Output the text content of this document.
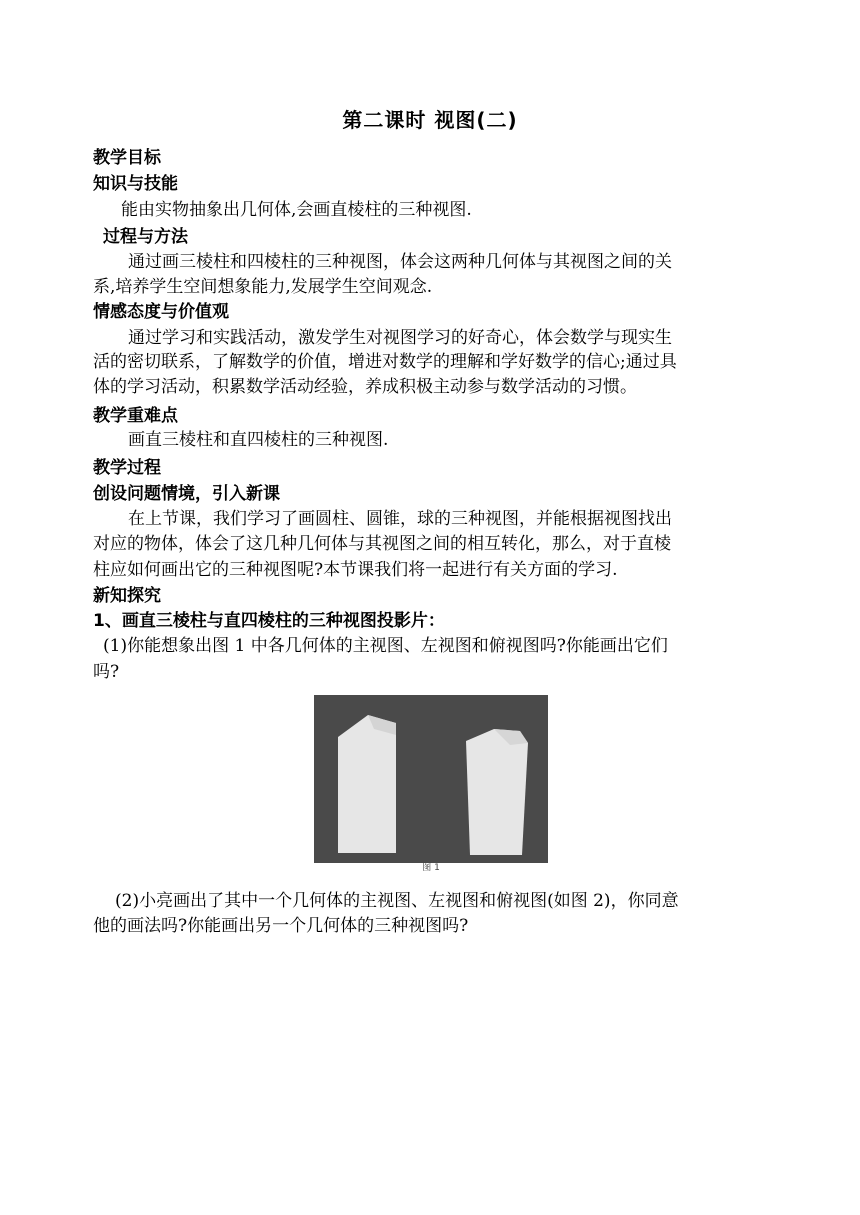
第二课时 视图(二)
教学目标
知识与技能
能由实物抽象出几何体,会画直棱柱的三种视图.
过程与方法
通过画三棱柱和四棱柱的三种视图，体会这两种几何体与其视图之间的关
系,培养学生空间想象能力,发展学生空间观念.
情感态度与价值观
通过学习和实践活动，激发学生对视图学习的好奇心，体会数学与现实生
活的密切联系，了解数学的价值，增进对数学的理解和学好数学的信心;通过具
体的学习活动，积累数学活动经验，养成积极主动参与数学活动的习惯。
教学重难点
画直三棱柱和直四棱柱的三种视图.
教学过程
创设问题情境，引入新课
在上节课，我们学习了画圆柱、圆锥，球的三种视图，并能根据视图找出
对应的物体，体会了这几种几何体与其视图之间的相互转化，那么，对于直棱
柱应如何画出它的三种视图呢?本节课我们将一起进行有关方面的学习.
新知探究
1、画直三棱柱与直四棱柱的三种视图投影片：
(1)你能想象出图 1 中各几何体的主视图、左视图和俯视图吗?你能画出它们
吗?
图 1
(2)小亮画出了其中一个几何体的主视图、左视图和俯视图(如图 2)，你同意
他的画法吗?你能画出另一个几何体的三种视图吗?
